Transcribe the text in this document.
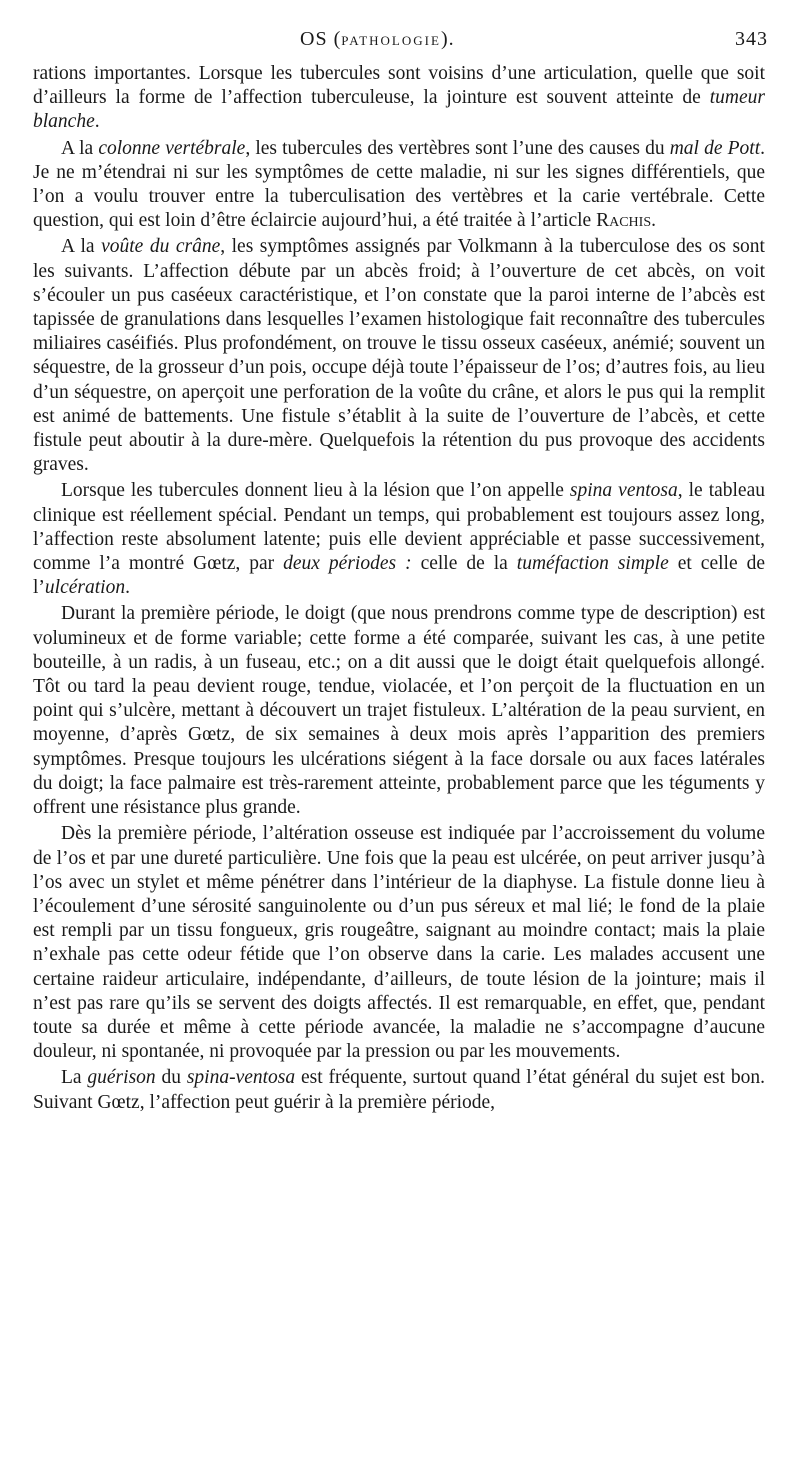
OS (PATHOLOGIE).	343

rations importantes. Lorsque les tubercules sont voisins d’une articulation, quelle que soit d’ailleurs la forme de l’affection tuberculeuse, la jointure est souvent atteinte de tumeur blanche.

A la colonne vertébrale, les tubercules des vertèbres sont l’une des causes du mal de Pott. Je ne m’étendrai ni sur les symptômes de cette maladie, ni sur les signes différentiels, que l’on a voulu trouver entre la tuberculisation des vertèbres et la carie vertébrale. Cette question, qui est loin d’être éclaircie aujourd’hui, a été traitée à l’article Rachis.

A la voûte du crâne, les symptômes assignés par Volkmann à la tuberculose des os sont les suivants. L’affection débute par un abcès froid; à l’ouverture de cet abcès, on voit s’écouler un pus caséeux caractéristique, et l’on constate que la paroi interne de l’abcès est tapissée de granulations dans lesquelles l’examen histologique fait reconnaître des tubercules miliaires caséifiés. Plus profondément, on trouve le tissu osseux caséeux, anémié; souvent un séquestre, de la grosseur d’un pois, occupe déjà toute l’épaisseur de l’os; d’autres fois, au lieu d’un séquestre, on aperçoit une perforation de la voûte du crâne, et alors le pus qui la remplit est animé de battements. Une fistule s’établit à la suite de l’ouverture de l’abcès, et cette fistule peut aboutir à la dure-mère. Quelquefois la rétention du pus provoque des accidents graves.

Lorsque les tubercules donnent lieu à la lésion que l’on appelle spina ventosa, le tableau clinique est réellement spécial. Pendant un temps, qui probablement est toujours assez long, l’affection reste absolument latente; puis elle devient appréciable et passe successivement, comme l’a montré Gœtz, par deux périodes : celle de la tuméfaction simple et celle de l’ulcération.

Durant la première période, le doigt (que nous prendrons comme type de description) est volumineux et de forme variable; cette forme a été comparée, suivant les cas, à une petite bouteille, à un radis, à un fuseau, etc.; on a dit aussi que le doigt était quelquefois allongé. Tôt ou tard la peau devient rouge, tendue, violacée, et l’on perçoit de la fluctuation en un point qui s’ulcère, mettant à découvert un trajet fistuleux. L’altération de la peau survient, en moyenne, d’après Gœtz, de six semaines à deux mois après l’apparition des premiers symptômes. Presque toujours les ulcérations siégent à la face dorsale ou aux faces latérales du doigt; la face palmaire est très-rarement atteinte, probablement parce que les téguments y offrent une résistance plus grande.

Dès la première période, l’altération osseuse est indiquée par l’accroissement du volume de l’os et par une dureté particulière. Une fois que la peau est ulcérée, on peut arriver jusqu’à l’os avec un stylet et même pénétrer dans l’intérieur de la diaphyse. La fistule donne lieu à l’écoulement d’une sérosité sanguinolente ou d’un pus séreux et mal lié; le fond de la plaie est rempli par un tissu fongueux, gris rougeâtre, saignant au moindre contact; mais la plaie n’exhale pas cette odeur fétide que l’on observe dans la carie. Les malades accusent une certaine raideur articulaire, indépendante, d’ailleurs, de toute lésion de la jointure; mais il n’est pas rare qu’ils se servent des doigts affectés. Il est remarquable, en effet, que, pendant toute sa durée et même à cette période avancée, la maladie ne s’accompagne d’aucune douleur, ni spontanée, ni provoquée par la pression ou par les mouvements.

La guérison du spina-ventosa est fréquente, surtout quand l’état général du sujet est bon. Suivant Gœtz, l’affection peut guérir à la première période,
